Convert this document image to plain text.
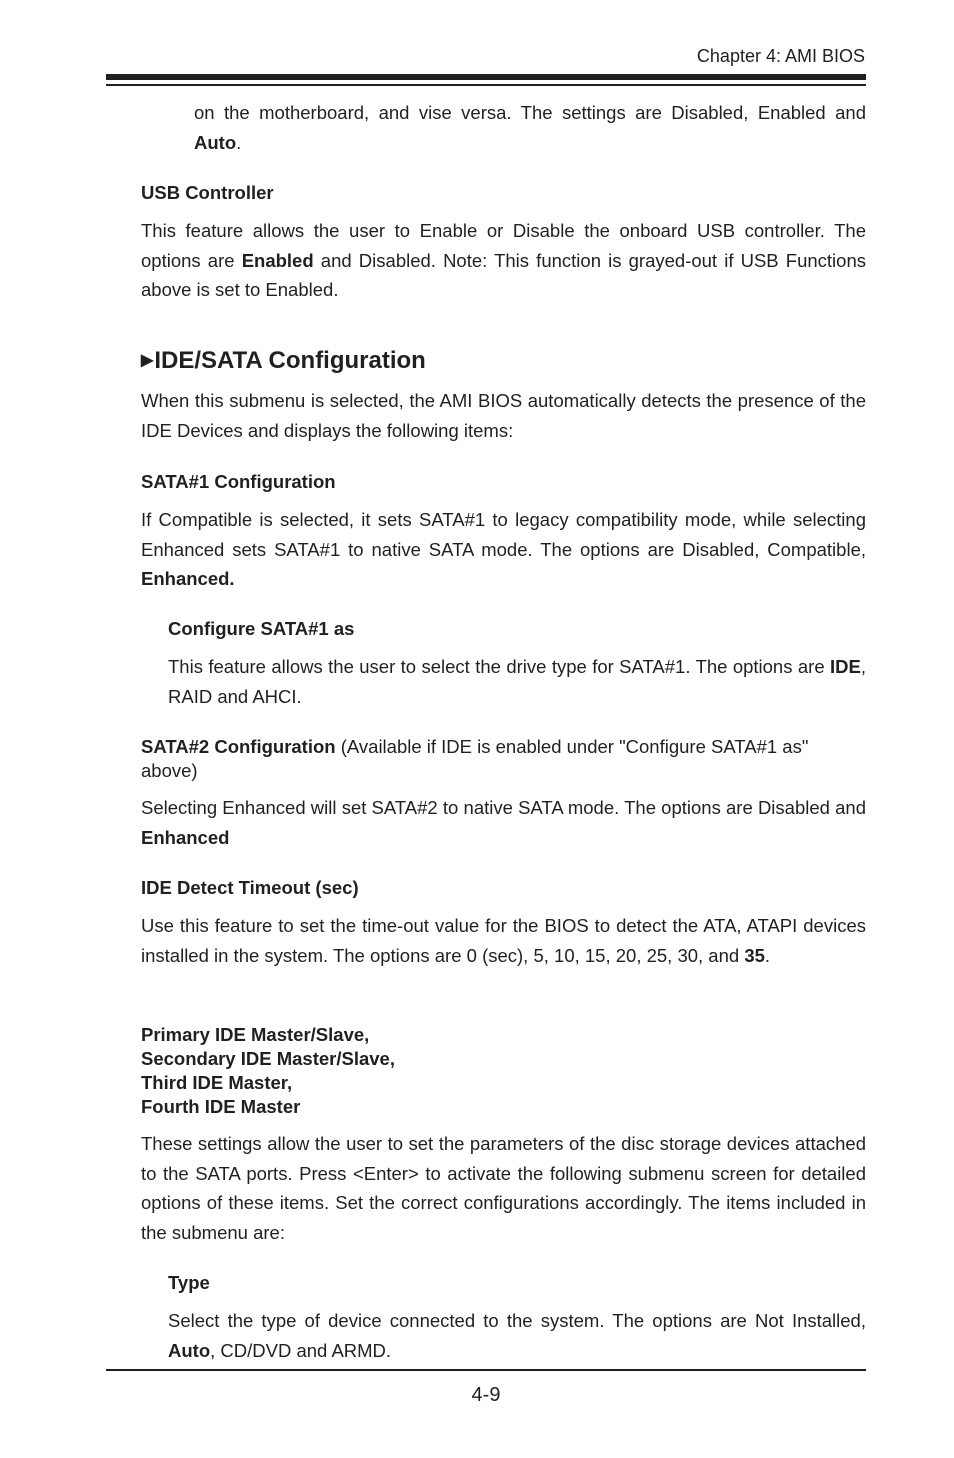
Chapter 4: AMI BIOS

on the motherboard, and vise versa. The settings are Disabled, Enabled and Auto.

USB Controller

This feature allows the user to Enable or Disable the onboard USB controller. The options are Enabled and Disabled. Note: This function is grayed-out if USB Functions above is set to Enabled.

▶IDE/SATA Configuration

When this submenu is selected, the AMI BIOS automatically detects the presence of the IDE Devices and displays the following items:

SATA#1 Configuration

If Compatible is selected, it sets SATA#1 to legacy compatibility mode, while selecting Enhanced sets SATA#1 to native SATA mode. The options are Disabled, Compatible, Enhanced.

Configure SATA#1 as

This feature allows the user to select the drive type for SATA#1. The options are IDE, RAID and AHCI.

SATA#2 Configuration (Available if IDE is enabled under "Configure SATA#1 as" above)

Selecting Enhanced will set SATA#2 to native SATA mode. The options are Disabled and Enhanced

IDE Detect Timeout (sec)

Use this feature to set the time-out value for the BIOS to detect the ATA, ATAPI devices installed in the system. The options are 0 (sec), 5, 10, 15, 20, 25, 30, and 35.

Primary IDE Master/Slave,
Secondary IDE Master/Slave,
Third IDE Master,
Fourth IDE Master

These settings allow the user to set the parameters of the disc storage devices attached to the SATA ports. Press <Enter> to activate the following submenu screen for detailed options of these items. Set the correct configurations accordingly. The items included in the submenu are:

Type

Select the type of device connected to the system. The options are Not Installed, Auto, CD/DVD and ARMD.

4-9
